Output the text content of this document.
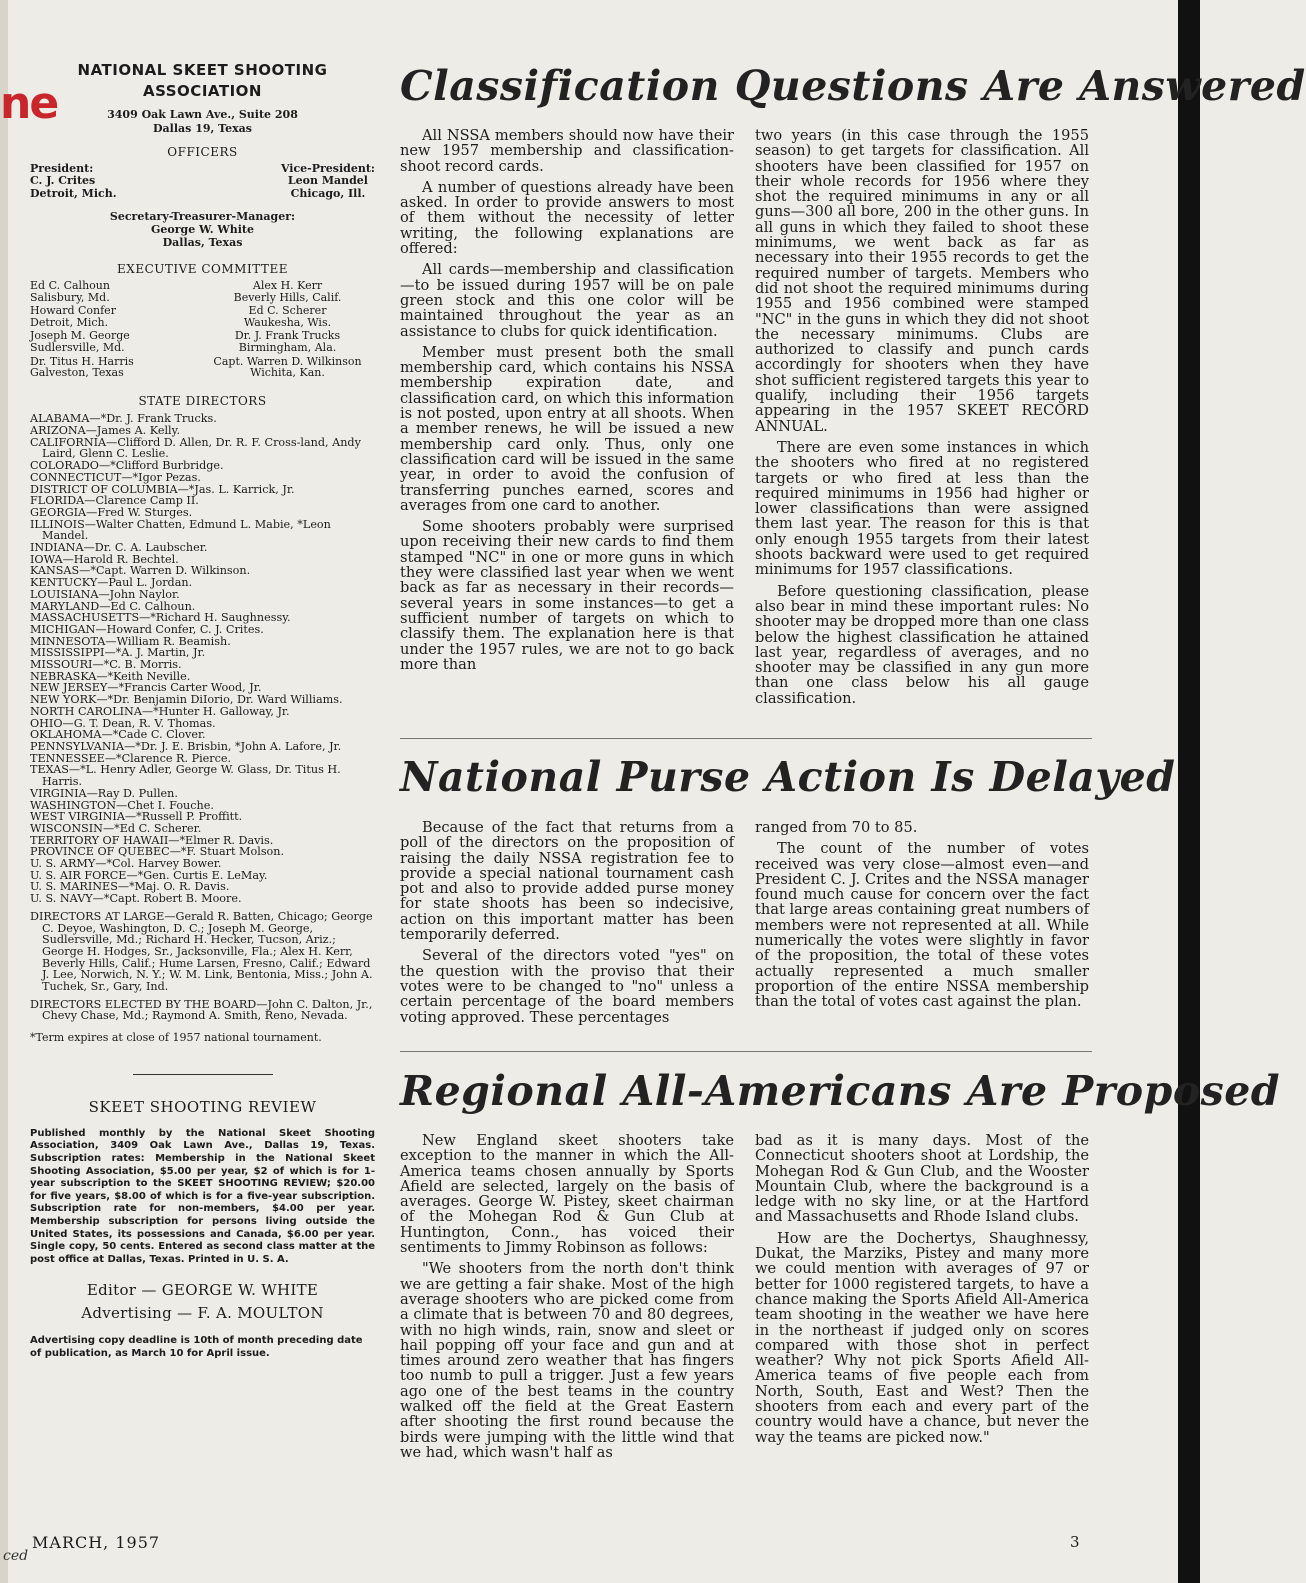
ne
ced

NATIONAL SKEET SHOOTING

ASSOCIATION

3409 Oak Lawn Ave., Suite 208
Dallas 19, Texas
OFFICERS
President:
C. J. Crites
Detroit, Mich.
Vice-President:
Leon Mandel
Chicago, Ill.
Secretary-Treasurer-Manager:
George W. White
Dallas, Texas
EXECUTIVE COMMITTEE
Ed C. Calhoun
Salisbury, Md.
Howard Confer
Detroit, Mich.
Joseph M. George
Sudlersville, Md.
Dr. Titus H. Harris
Galveston, Texas
Alex H. Kerr
Beverly Hills, Calif.
Ed C. Scherer
Waukesha, Wis.
Dr. J. Frank Trucks
Birmingham, Ala.
Capt. Warren D. Wilkinson
Wichita, Kan.
STATE DIRECTORS

ALABAMA—*Dr. J. Frank Trucks.

ARIZONA—James A. Kelly.

CALIFORNIA—Clifford D. Allen, Dr. R. F. Cross-land, Andy Laird, Glenn C. Leslie.

COLORADO—*Clifford Burbridge.

CONNECTICUT—*Igor Pezas.

DISTRICT OF COLUMBIA—*Jas. L. Karrick, Jr.

FLORIDA—Clarence Camp II.

GEORGIA—Fred W. Sturges.

ILLINOIS—Walter Chatten, Edmund L. Mabie, *Leon Mandel.

INDIANA—Dr. C. A. Laubscher.

IOWA—Harold R. Bechtel.

KANSAS—*Capt. Warren D. Wilkinson.

KENTUCKY—Paul L. Jordan.

LOUISIANA—John Naylor.

MARYLAND—Ed C. Calhoun.

MASSACHUSETTS—*Richard H. Saughnessy.

MICHIGAN—Howard Confer, C. J. Crites.

MINNESOTA—William R. Beamish.

MISSISSIPPI—*A. J. Martin, Jr.

MISSOURI—*C. B. Morris.

NEBRASKA—*Keith Neville.

NEW JERSEY—*Francis Carter Wood, Jr.

NEW YORK—*Dr. Benjamin DiIorio, Dr. Ward Williams.

NORTH CAROLINA—*Hunter H. Galloway, Jr.

OHIO—G. T. Dean, R. V. Thomas.

OKLAHOMA—*Cade C. Clover.

PENNSYLVANIA—*Dr. J. E. Brisbin, *John A. Lafore, Jr.

TENNESSEE—*Clarence R. Pierce.

TEXAS—*L. Henry Adler, George W. Glass, Dr. Titus H. Harris.

VIRGINIA—Ray D. Pullen.

WASHINGTON—Chet I. Fouche.

WEST VIRGINIA—*Russell P. Proffitt.

WISCONSIN—*Ed C. Scherer.

TERRITORY OF HAWAII—*Elmer R. Davis.

PROVINCE OF QUEBEC—*F. Stuart Molson.

U. S. ARMY—*Col. Harvey Bower.

U. S. AIR FORCE—*Gen. Curtis E. LeMay.

U. S. MARINES—*Maj. O. R. Davis.

U. S. NAVY—*Capt. Robert B. Moore.

DIRECTORS AT LARGE—Gerald R. Batten, Chicago; George C. Deyoe, Washington, D. C.; Joseph M. George, Sudlersville, Md.; Richard H. Hecker, Tucson, Ariz.; George H. Hodges, Sr., Jacksonville, Fla.; Alex H. Kerr, Beverly Hills, Calif.; Hume Larsen, Fresno, Calif.; Edward J. Lee, Norwich, N. Y.; W. M. Link, Bentonia, Miss.; John A. Tuchek, Sr., Gary, Ind.
DIRECTORS ELECTED BY THE BOARD—John C. Dalton, Jr., Chevy Chase, Md.; Raymond A. Smith, Reno, Nevada.
*Term expires at close of 1957 national tournament.
SKEET SHOOTING REVIEW
Published monthly by the National Skeet Shooting Association, 3409 Oak Lawn Ave., Dallas 19, Texas. Subscription rates: Membership in the National Skeet Shooting Association, $5.00 per year, $2 of which is for 1-year subscription to the SKEET SHOOTING REVIEW; $20.00 for five years, $8.00 of which is for a five-year subscription. Subscription rate for non-members, $4.00 per year. Membership subscription for persons living outside the United States, its possessions and Canada, $6.00 per year. Single copy, 50 cents. Entered as second class matter at the post office at Dallas, Texas. Printed in U. S. A.
Editor — GEORGE W. WHITE
Advertising — F. A. MOULTON
Advertising copy deadline is 10th of month preceding date of publication, as March 10 for April issue.
Classification Questions Are Answered

All NSSA members should now have their new 1957 membership and classification-shoot record cards.

A number of questions already have been asked. In order to provide answers to most of them without the necessity of letter writing, the following explanations are offered:

All cards—membership and classification—to be issued during 1957 will be on pale green stock and this one color will be maintained throughout the year as an assistance to clubs for quick identification.

Member must present both the small membership card, which contains his NSSA membership expiration date, and classification card, on which this information is not posted, upon entry at all shoots. When a member renews, he will be issued a new membership card only. Thus, only one classification card will be issued in the same year, in order to avoid the confusion of transferring punches earned, scores and averages from one card to another.

Some shooters probably were surprised upon receiving their new cards to find them stamped "NC" in one or more guns in which they were classified last year when we went back as far as necessary in their records—several years in some instances—to get a sufficient number of targets on which to classify them. The explanation here is that under the 1957 rules, we are not to go back more than

two years (in this case through the 1955 season) to get targets for classification. All shooters have been classified for 1957 on their whole records for 1956 where they shot the required minimums in any or all guns—300 all bore, 200 in the other guns. In all guns in which they failed to shoot these minimums, we went back as far as necessary into their 1955 records to get the required number of targets. Members who did not shoot the required minimums during 1955 and 1956 combined were stamped "NC" in the guns in which they did not shoot the necessary minimums. Clubs are authorized to classify and punch cards accordingly for shooters when they have shot sufficient registered targets this year to qualify, including their 1956 targets appearing in the 1957 SKEET RECORD ANNUAL.

There are even some instances in which the shooters who fired at no registered targets or who fired at less than the required minimums in 1956 had higher or lower classifications than were assigned them last year. The reason for this is that only enough 1955 targets from their latest shoots backward were used to get required minimums for 1957 classifications.

Before questioning classification, please also bear in mind these important rules: No shooter may be dropped more than one class below the highest classification he attained last year, regardless of averages, and no shooter may be classified in any gun more than one class below his all gauge classification.

National Purse Action Is Delayed

Because of the fact that returns from a poll of the directors on the proposition of raising the daily NSSA registration fee to provide a special national tournament cash pot and also to provide added purse money for state shoots has been so indecisive, action on this important matter has been temporarily deferred.

Several of the directors voted "yes" on the question with the proviso that their votes were to be changed to "no" unless a certain percentage of the board members voting approved. These percentages

ranged from 70 to 85.

The count of the number of votes received was very close—almost even—and President C. J. Crites and the NSSA manager found much cause for concern over the fact that large areas containing great numbers of members were not represented at all. While numerically the votes were slightly in favor of the proposition, the total of these votes actually represented a much smaller proportion of the entire NSSA membership than the total of votes cast against the plan.

Regional All-Americans Are Proposed

New England skeet shooters take exception to the manner in which the All-America teams chosen annually by Sports Afield are selected, largely on the basis of averages. George W. Pistey, skeet chairman of the Mohegan Rod & Gun Club at Huntington, Conn., has voiced their sentiments to Jimmy Robinson as follows:

"We shooters from the north don't think we are getting a fair shake. Most of the high average shooters who are picked come from a climate that is between 70 and 80 degrees, with no high winds, rain, snow and sleet or hail popping off your face and gun and at times around zero weather that has fingers too numb to pull a trigger. Just a few years ago one of the best teams in the country walked off the field at the Great Eastern after shooting the first round because the birds were jumping with the little wind that we had, which wasn't half as

bad as it is many days. Most of the Connecticut shooters shoot at Lordship, the Mohegan Rod & Gun Club, and the Wooster Mountain Club, where the background is a ledge with no sky line, or at the Hartford and Massachusetts and Rhode Island clubs.

How are the Dochertys, Shaughnessy, Dukat, the Marziks, Pistey and many more we could mention with averages of 97 or better for 1000 registered targets, to have a chance making the Sports Afield All-America team shooting in the weather we have here in the northeast if judged only on scores compared with those shot in perfect weather? Why not pick Sports Afield All-America teams of five people each from North, South, East and West? Then the shooters from each and every part of the country would have a chance, but never the way the teams are picked now."

MARCH, 1957	3
